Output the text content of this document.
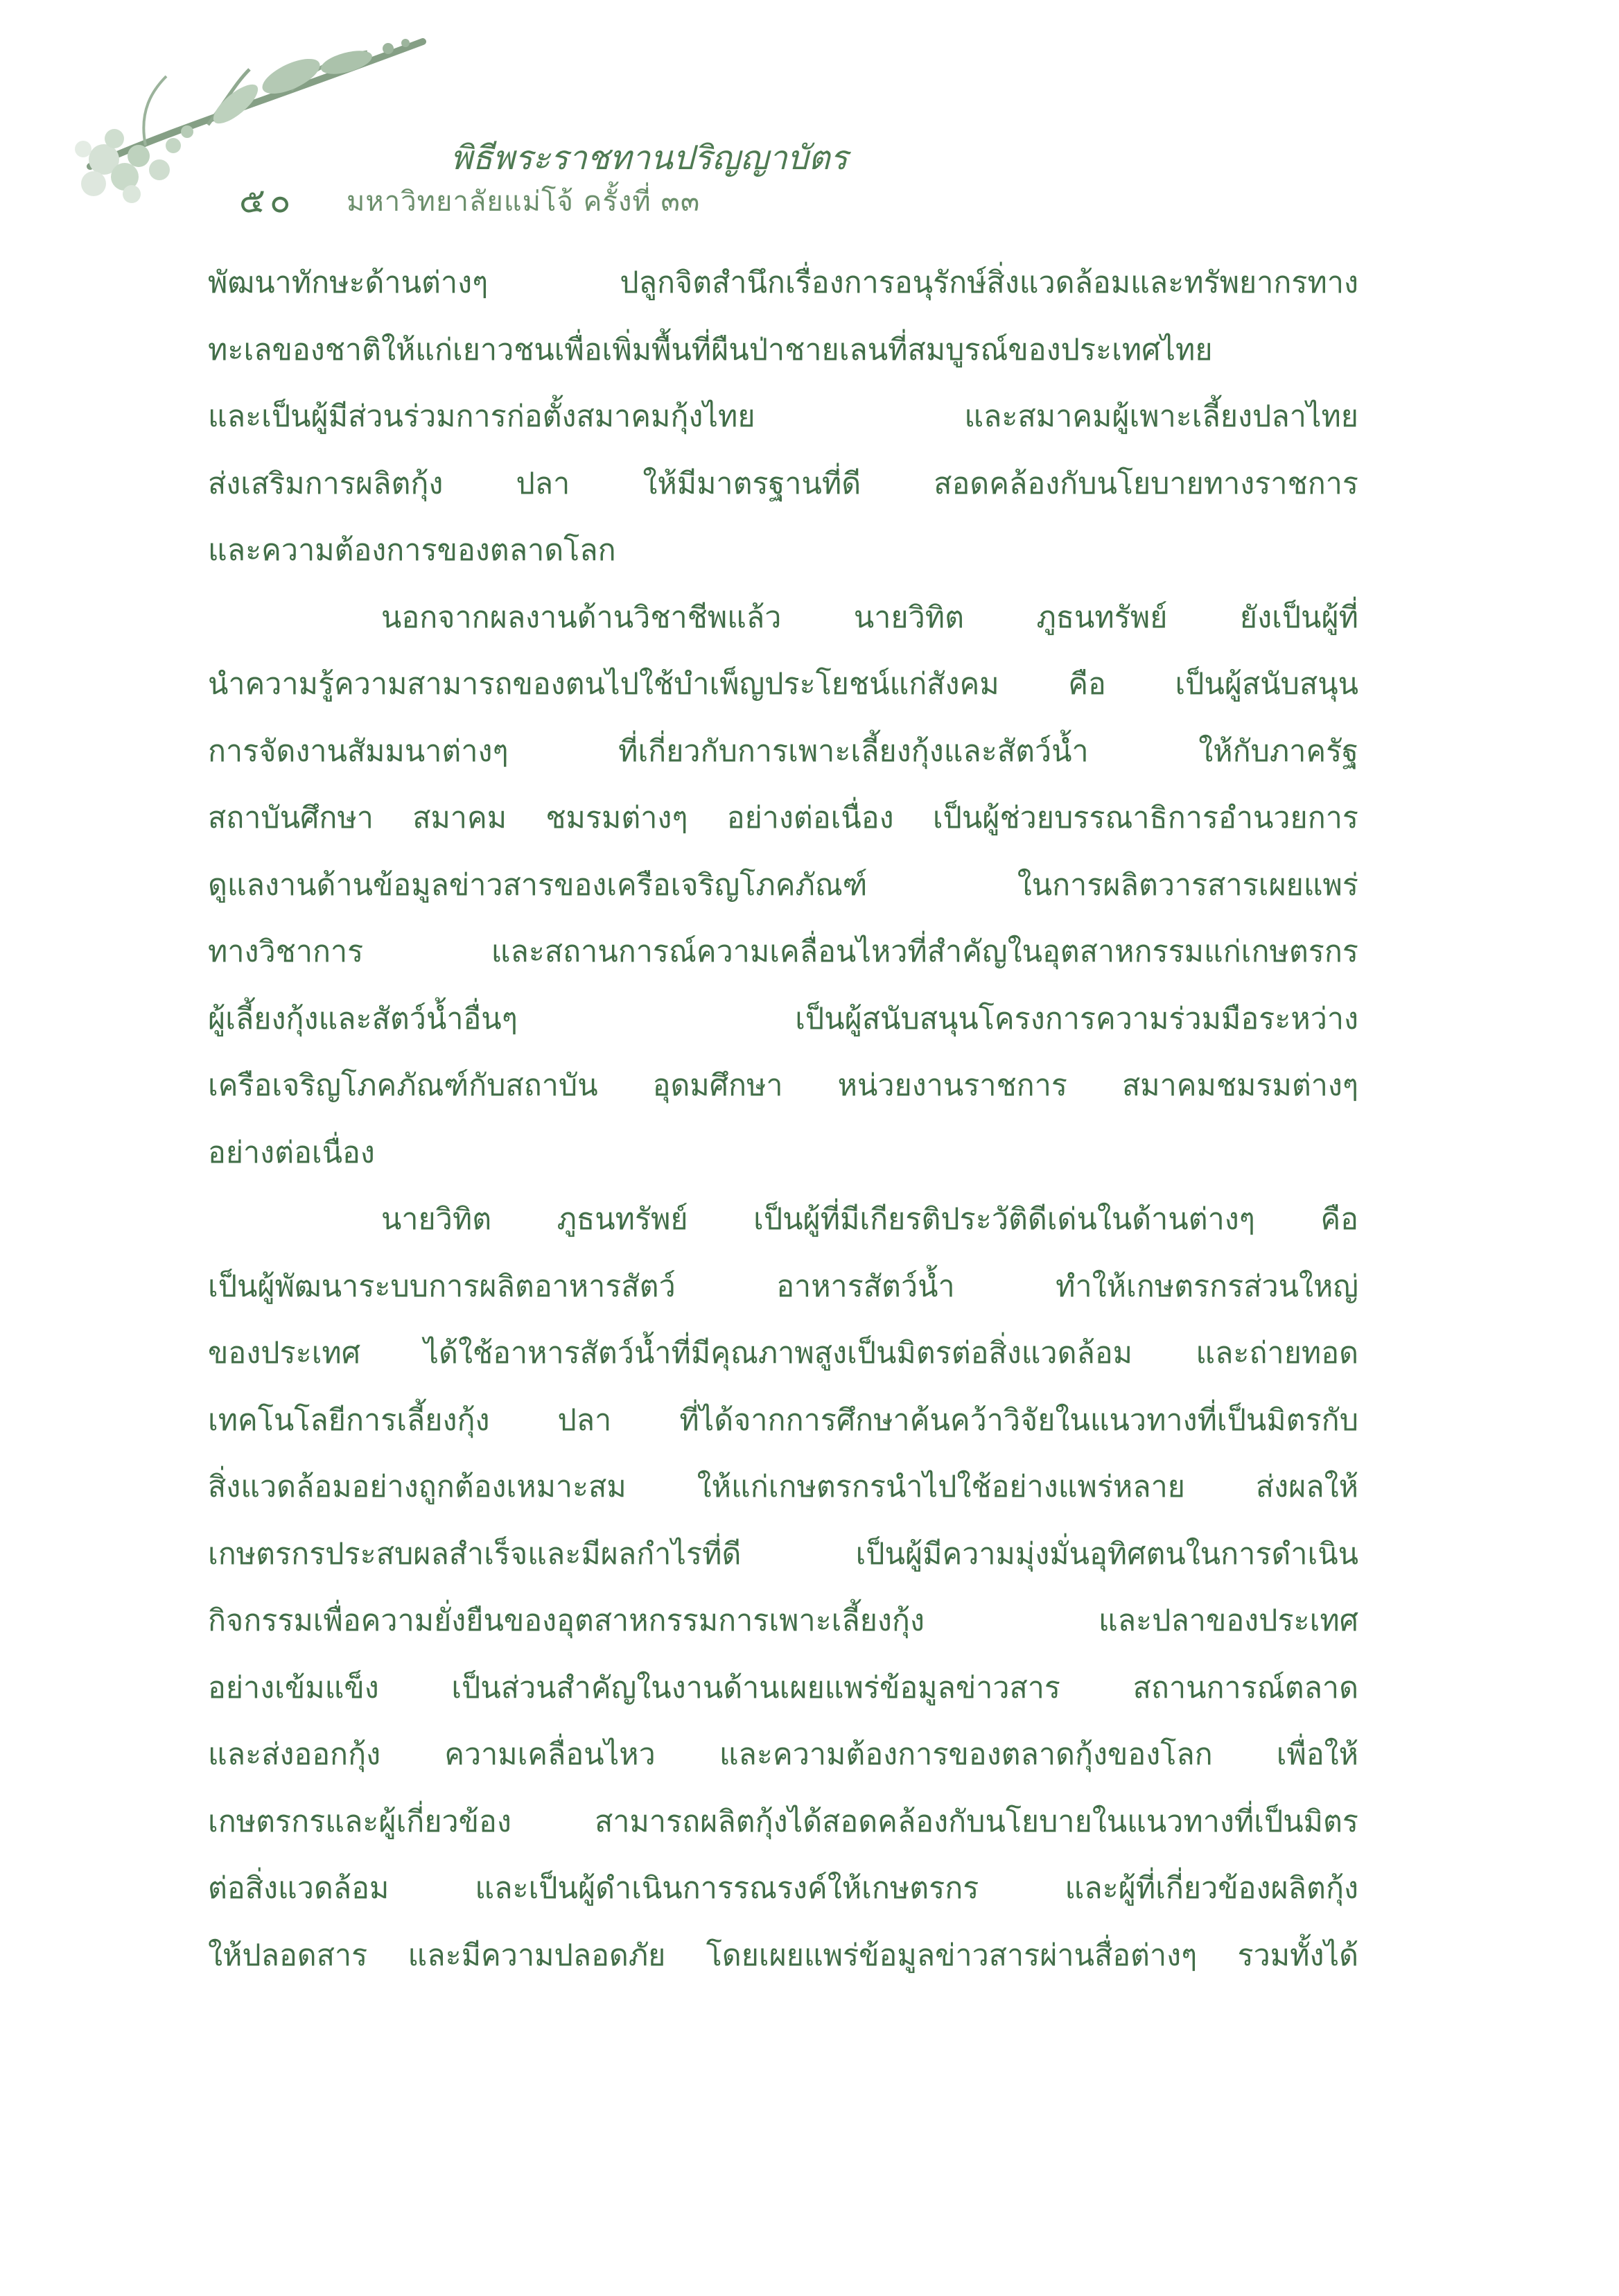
พิธีพระราชทานปริญญาบัตร
๕๐ มหาวิทยาลัยแม่โจ้ ครั้งที่ ๓๓
พัฒนาทักษะด้านต่างๆ ปลูกจิตสำนึกเรื่องการอนุรักษ์สิ่งแวดล้อมและทรัพยากรทาง
ทะเลของชาติให้แก่เยาวชนเพื่อเพิ่มพื้นที่ผืนป่าชายเลนที่สมบูรณ์ของประเทศไทย
และเป็นผู้มีส่วนร่วมการก่อตั้งสมาคมกุ้งไทย และสมาคมผู้เพาะเลี้ยงปลาไทย
ส่งเสริมการผลิตกุ้ง ปลา ให้มีมาตรฐานที่ดี สอดคล้องกับนโยบายทางราชการ
และความต้องการของตลาดโลก
นอกจากผลงานด้านวิชาชีพแล้ว นายวิทิต ภูธนทรัพย์ ยังเป็นผู้ที่
นำความรู้ความสามารถของตนไปใช้บำเพ็ญประโยชน์แก่สังคม คือ เป็นผู้สนับสนุน
การจัดงานสัมมนาต่างๆ ที่เกี่ยวกับการเพาะเลี้ยงกุ้งและสัตว์น้ำ ให้กับภาครัฐ
สถาบันศึกษา สมาคม ชมรมต่างๆ อย่างต่อเนื่อง เป็นผู้ช่วยบรรณาธิการอำนวยการ
ดูแลงานด้านข้อมูลข่าวสารของเครือเจริญโภคภัณฑ์ ในการผลิตวารสารเผยแพร่
ทางวิชาการ และสถานการณ์ความเคลื่อนไหวที่สำคัญในอุตสาหกรรมแก่เกษตรกร
ผู้เลี้ยงกุ้งและสัตว์น้ำอื่นๆ เป็นผู้สนับสนุนโครงการความร่วมมือระหว่าง
เครือเจริญโภคภัณฑ์กับสถาบัน อุดมศึกษา หน่วยงานราชการ สมาคมชมรมต่างๆ
อย่างต่อเนื่อง
นายวิทิต ภูธนทรัพย์ เป็นผู้ที่มีเกียรติประวัติดีเด่นในด้านต่างๆ คือ
เป็นผู้พัฒนาระบบการผลิตอาหารสัตว์ อาหารสัตว์น้ำ ทำให้เกษตรกรส่วนใหญ่
ของประเทศ ได้ใช้อาหารสัตว์น้ำที่มีคุณภาพสูงเป็นมิตรต่อสิ่งแวดล้อม และถ่ายทอด
เทคโนโลยีการเลี้ยงกุ้ง ปลา ที่ได้จากการศึกษาค้นคว้าวิจัยในแนวทางที่เป็นมิตรกับ
สิ่งแวดล้อมอย่างถูกต้องเหมาะสม ให้แก่เกษตรกรนำไปใช้อย่างแพร่หลาย ส่งผลให้
เกษตรกรประสบผลสำเร็จและมีผลกำไรที่ดี เป็นผู้มีความมุ่งมั่นอุทิศตนในการดำเนิน
กิจกรรมเพื่อความยั่งยืนของอุตสาหกรรมการเพาะเลี้ยงกุ้ง และปลาของประเทศ
อย่างเข้มแข็ง เป็นส่วนสำคัญในงานด้านเผยแพร่ข้อมูลข่าวสาร สถานการณ์ตลาด
และส่งออกกุ้ง ความเคลื่อนไหว และความต้องการของตลาดกุ้งของโลก เพื่อให้
เกษตรกรและผู้เกี่ยวข้อง สามารถผลิตกุ้งได้สอดคล้องกับนโยบายในแนวทางที่เป็นมิตร
ต่อสิ่งแวดล้อม และเป็นผู้ดำเนินการรณรงค์ให้เกษตรกร และผู้ที่เกี่ยวข้องผลิตกุ้ง
ให้ปลอดสาร และมีความปลอดภัย โดยเผยแพร่ข้อมูลข่าวสารผ่านสื่อต่างๆ รวมทั้งได้
